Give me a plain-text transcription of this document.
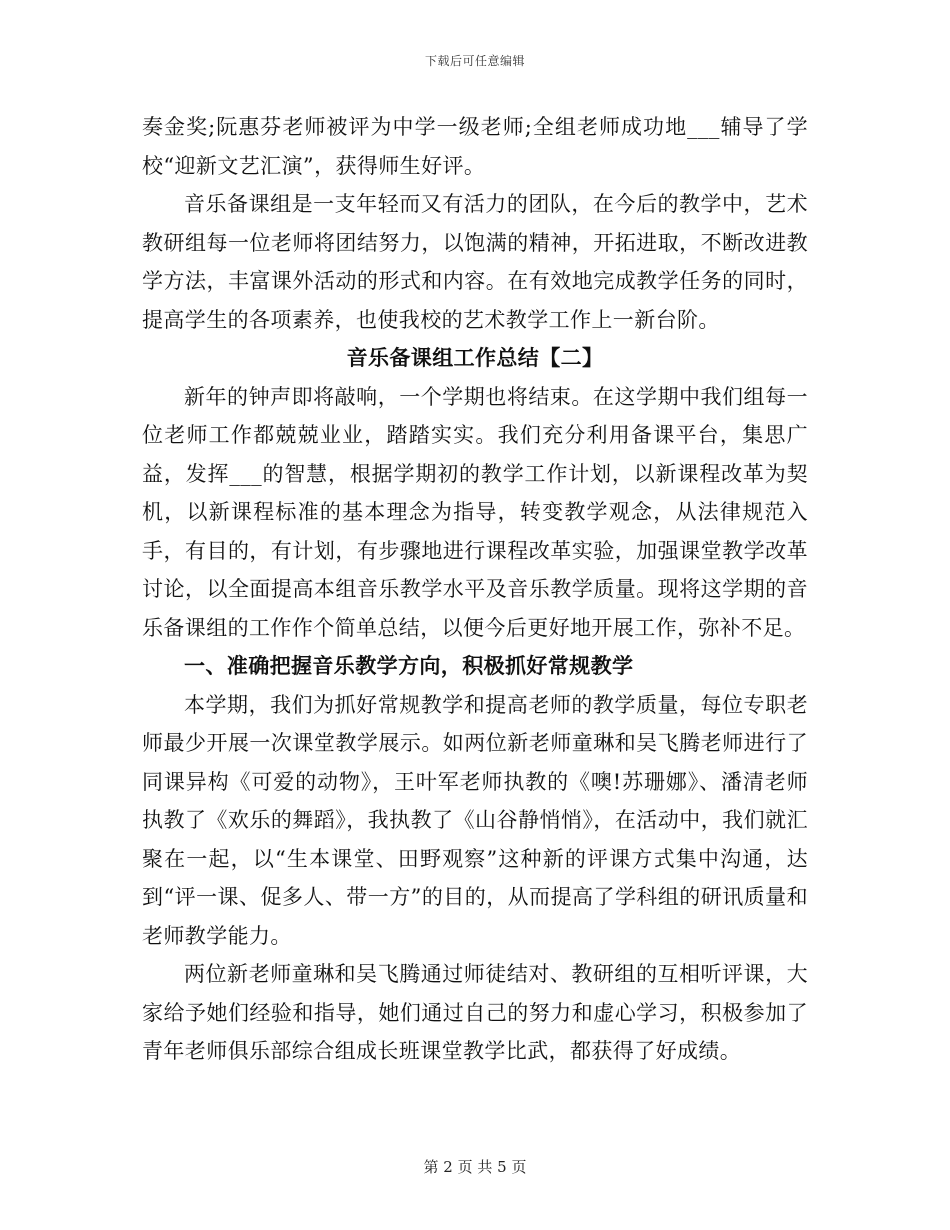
下载后可任意编辑

奏金奖;阮惠芬老师被评为中学一级老师;全组老师成功地___辅导了学校“迎新文艺汇演”，获得师生好评。

音乐备课组是一支年轻而又有活力的团队，在今后的教学中，艺术教研组每一位老师将团结努力，以饱满的精神，开拓进取，不断改进教学方法，丰富课外活动的形式和内容。在有效地完成教学任务的同时，提高学生的各项素养，也使我校的艺术教学工作上一新台阶。

音乐备课组工作总结【二】

新年的钟声即将敲响，一个学期也将结束。在这学期中我们组每一位老师工作都兢兢业业，踏踏实实。我们充分利用备课平台，集思广益，发挥___的智慧，根据学期初的教学工作计划，以新课程改革为契机，以新课程标准的基本理念为指导，转变教学观念，从法律规范入手，有目的，有计划，有步骤地进行课程改革实验，加强课堂教学改革讨论，以全面提高本组音乐教学水平及音乐教学质量。现将这学期的音乐备课组的工作作个简单总结，以便今后更好地开展工作，弥补不足。

一、准确把握音乐教学方向，积极抓好常规教学

本学期，我们为抓好常规教学和提高老师的教学质量，每位专职老师最少开展一次课堂教学展示。如两位新老师童琳和吴飞腾老师进行了同课异构《可爱的动物》，王叶军老师执教的《噢!苏珊娜》、潘清老师执教了《欢乐的舞蹈》，我执教了《山谷静悄悄》，在活动中，我们就汇聚在一起，以“生本课堂、田野观察”这种新的评课方式集中沟通，达到“评一课、促多人、带一方”的目的，从而提高了学科组的研讯质量和老师教学能力。

两位新老师童琳和吴飞腾通过师徒结对、教研组的互相听评课，大家给予她们经验和指导，她们通过自己的努力和虚心学习，积极参加了青年老师俱乐部综合组成长班课堂教学比武，都获得了好成绩。

第 2 页 共 5 页
